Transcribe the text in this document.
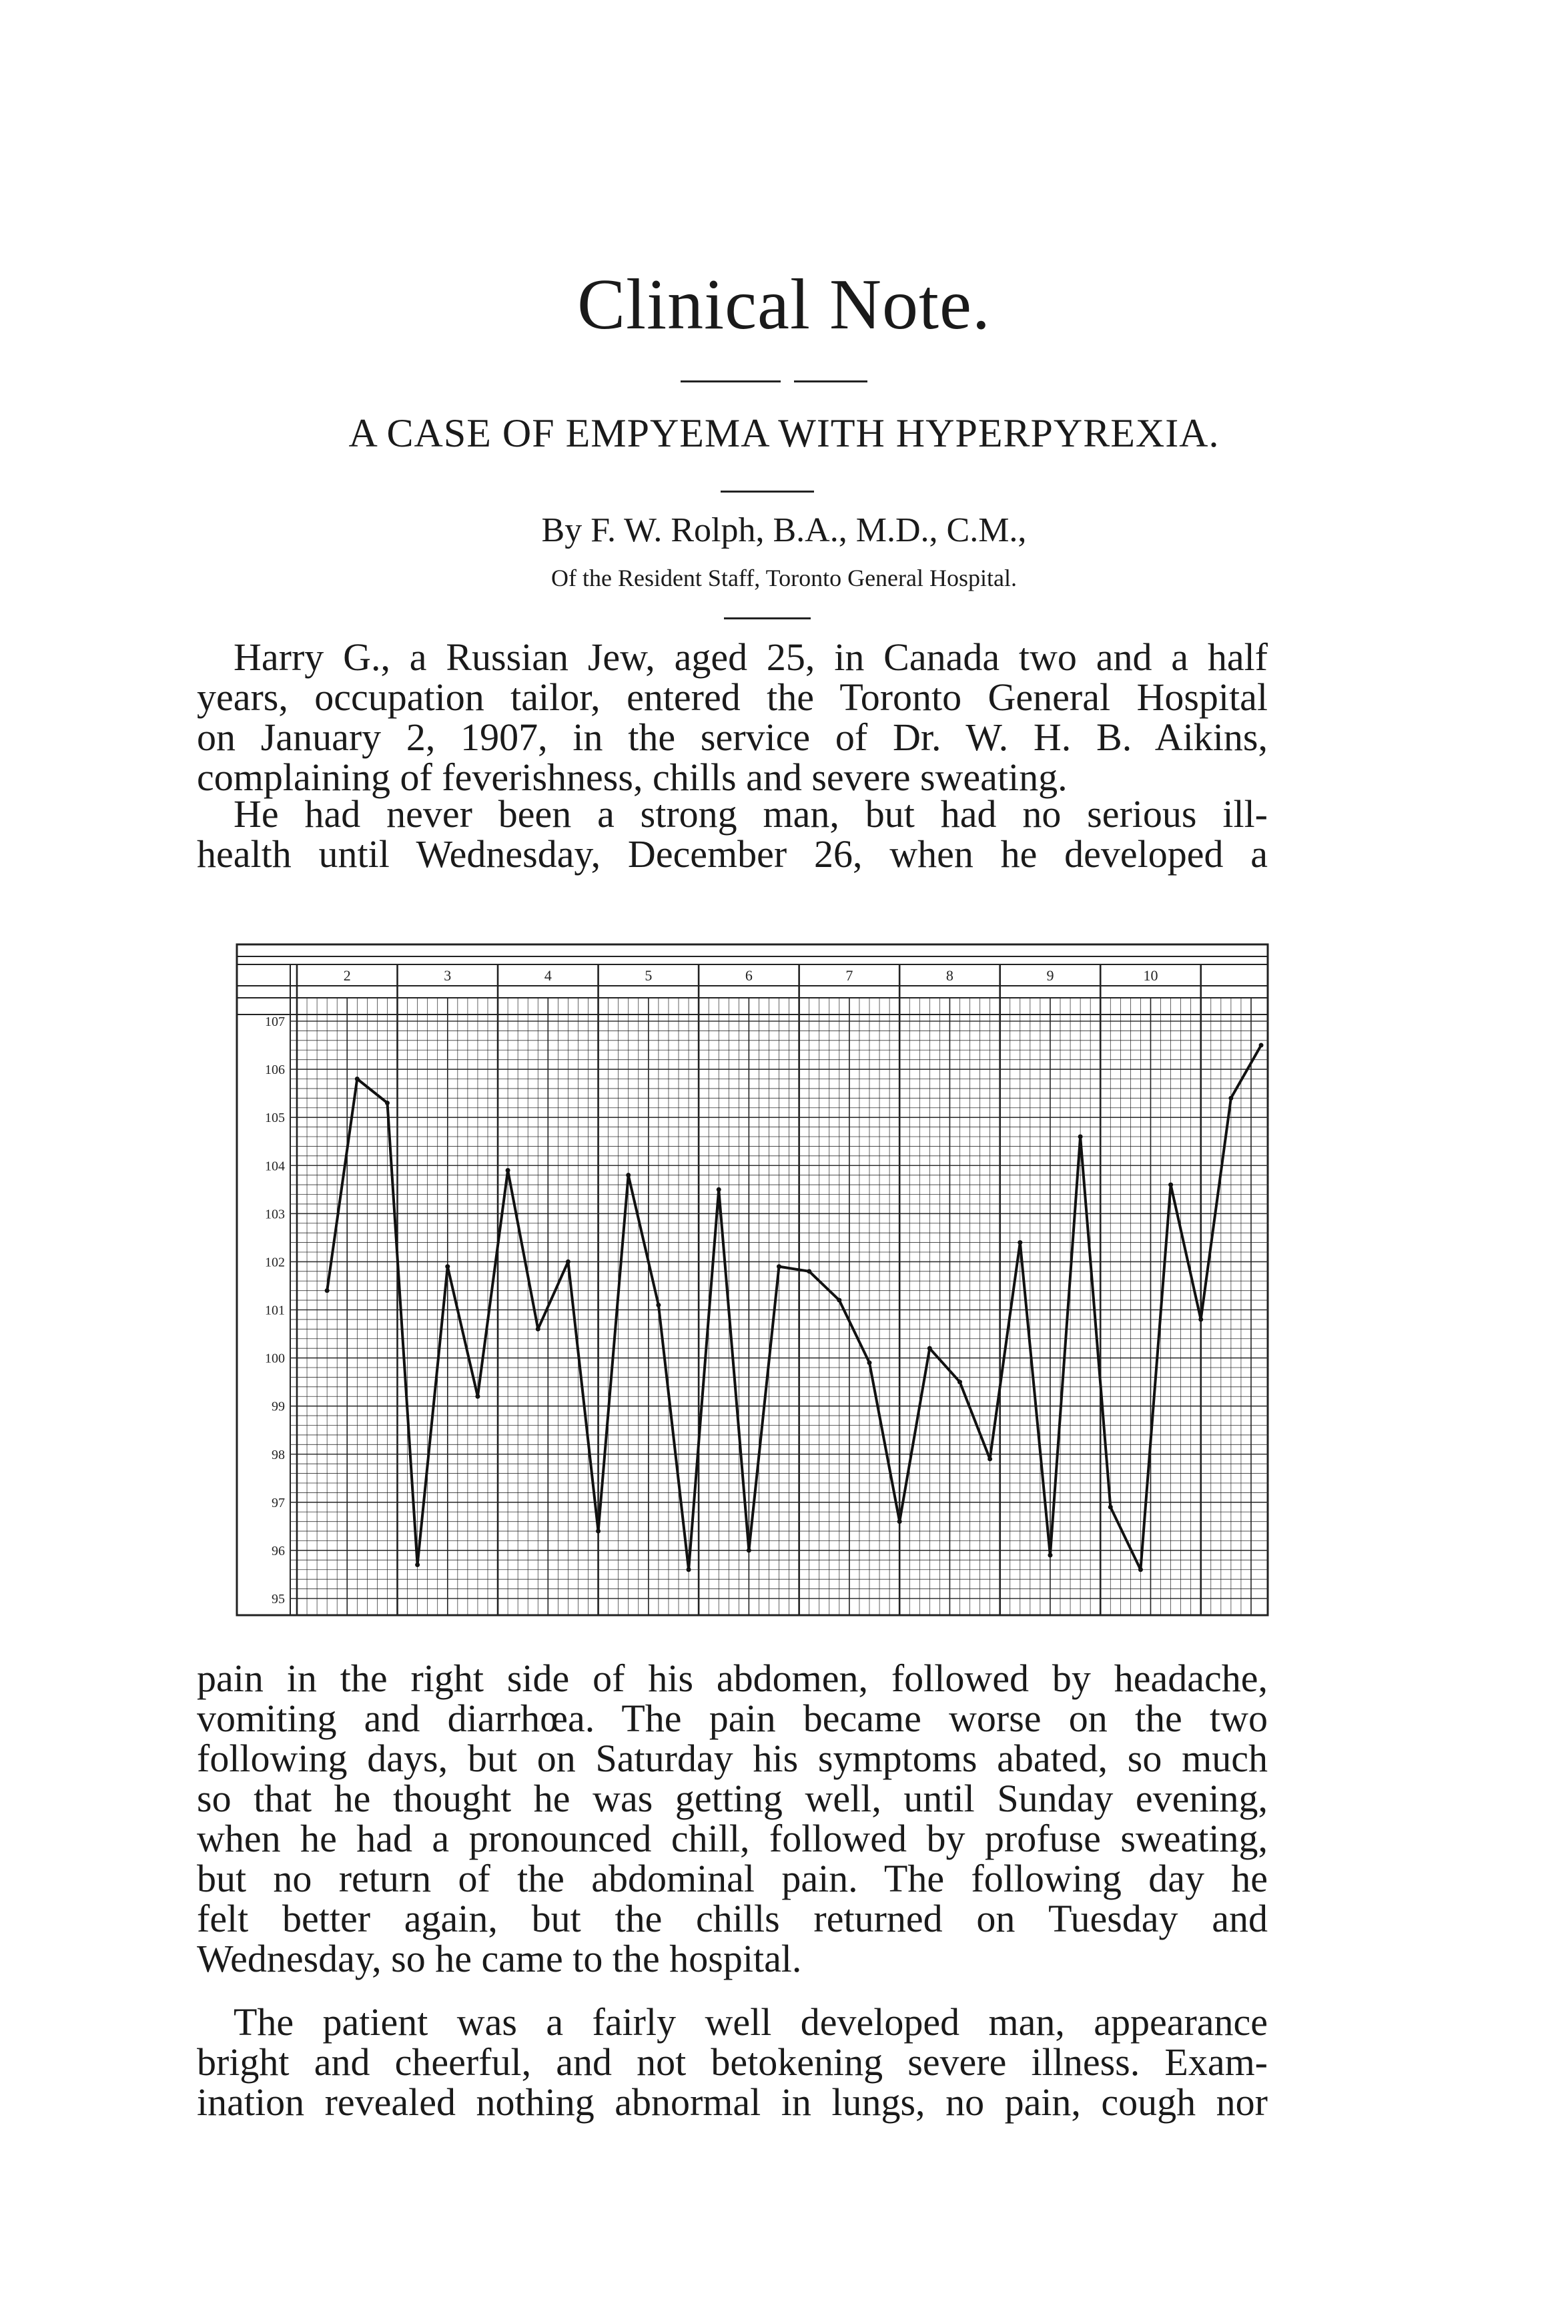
Clinical Note.
A CASE OF EMPYEMA WITH HYPERPYREXIA.
By F. W. Rolph, B.A., M.D., C.M.,
Of the Resident Staff, Toronto General Hospital.
Harry G., a Russian Jew, aged 25, in Canada two and a half
years, occupation tailor, entered the Toronto General Hospital
on January 2, 1907, in the service of Dr. W. H. B. Aikins,
complaining of feverishness, chills and severe sweating.
He had never been a strong man, but had no serious ill-
health until Wednesday, December 26, when he developed a
2	3	4	5	6	7	8	9	10
107
106
105
104
103
102
101
100
99
98
97
96
95
pain in the right side of his abdomen, followed by headache,
vomiting and diarrhœa. The pain became worse on the two
following days, but on Saturday his symptoms abated, so much
so that he thought he was getting well, until Sunday evening,
when he had a pronounced chill, followed by profuse sweating,
but no return of the abdominal pain. The following day he
felt better again, but the chills returned on Tuesday and
Wednesday, so he came to the hospital.
The patient was a fairly well developed man, appearance
bright and cheerful, and not betokening severe illness. Exam-
ination revealed nothing abnormal in lungs, no pain, cough nor
